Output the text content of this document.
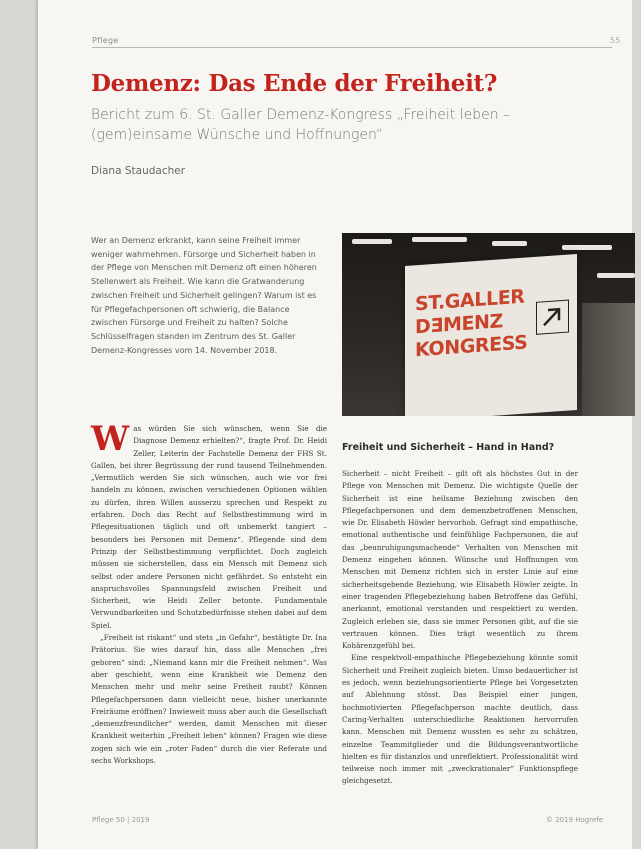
Pflege	55
Pflege 50 | 2019	© 2019 Hogrefe
Demenz: Das Ende der Freiheit?
Bericht zum 6. St. Galler Demenz-Kongress „Freiheit leben – (gem)einsame Wünsche und Hoffnungen“
Diana Staudacher
Wer an Demenz erkrankt, kann seine Freiheit immer weniger wahrnehmen. Fürsorge und Sicherheit haben in der Pflege von Menschen mit Demenz oft einen höheren Stellenwert als Freiheit. Wie kann die Gratwanderung zwischen Freiheit und Sicherheit gelingen? Warum ist es für Pflegefachpersonen oft schwierig, die Balance zwischen Fürsorge und Freiheit zu halten? Solche Schlüsselfragen standen im Zentrum des St. Galler Demenz-Kongresses vom 14. November 2018.
ST.GALLER
DƎMENZ
KONGRESS
Freiheit und Sicherheit – Hand in Hand?

Was würden Sie sich wünschen, wenn Sie die Diagnose Demenz erhielten?“, fragte Prof. Dr. Heidi Zeller, Leiterin der Fachstelle Demenz der FHS St. Gallen, bei ihrer Begrüssung der rund tausend Teilnehmenden. „Vermutlich werden Sie sich wünschen, auch wie vor frei handeln zu können, zwischen verschiedenen Optionen wählen zu dürfen, ihren Willen ausserzu sprechen und Respekt zu erfahren. Doch das Recht auf Selbstbestimmung wird in Pflegesituationen täglich und oft unbemerkt tangiert – besonders bei Personen mit Demenz“. Pflegende sind dem Prinzip der Selbstbestimmung verpflichtet. Doch zugleich müssen sie sicherstellen, dass ein Mensch mit Demenz sich selbst oder andere Personen nicht gefährdet. So entsteht ein anspruchsvolles Spannungsfeld zwischen Freiheit und Sicherheit, wie Heidi Zeller betonte. Fundamentale Verwundbarkeiten und Schutzbedürfnisse stehen dabei auf dem Spiel.

„Freiheit ist riskant“ und stets „in Gefahr“, bestätigte Dr. Ina Prätorius. Sie wies darauf hin, dass alle Menschen „frei geboren“ sind: „Niemand kann mir die Freiheit nehmen“. Was aber geschieht, wenn eine Krankheit wie Demenz den Menschen mehr und mehr seine Freiheit raubt? Können Pflegefachpersonen dann vielleicht neue, bisher unerkannte Freiräume eröffnen? Inwieweit muss aber auch die Gesellschaft „demenzfreundlicher“ werden, damit Menschen mit dieser Krankheit weiterhin „Freiheit leben“ können? Fragen wie diese zogen sich wie ein „roter Faden“ durch die vier Referate und sechs Workshops.

Sicherheit – nicht Freiheit – gilt oft als höchstes Gut in der Pflege von Menschen mit Demenz. Die wichtigste Quelle der Sicherheit ist eine heilsame Beziehung zwischen den Pflegefachpersonen und dem demenzbetroffenen Menschen, wie Dr. Elisabeth Höwler hervorhob. Gefragt sind empathische, emotional authentische und feinfühlige Fachpersonen, die auf das „beunruhigungsmachende“ Verhalten von Menschen mit Demenz eingehen können. Wünsche und Hoffnungen von Menschen mit Demenz richten sich in erster Linie auf eine sicherheitsgebende Beziehung, wie Elisabeth Höwler zeigte. In einer tragenden Pflegebeziehung haben Betroffene das Gefühl, anerkannt, emotional verstanden und respektiert zu werden. Zugleich erleben sie, dass sie immer Personen gibt, auf die sie vertrauen können. Dies trägt wesentlich zu ihrem Kohärenzgefühl bei.

Eine respektvoll-empathische Pflegebeziehung könnte somit Sicherheit und Freiheit zugleich bieten. Umso bedauerlicher ist es jedoch, wenn beziehungsorientierte Pflege bei Vorgesetzten auf Ablehnung stösst. Das Beispiel einer jungen, hochmotivierten Pflegefachperson machte deutlich, dass Caring-Verhalten unterschiedliche Reaktionen hervorrufen kann. Menschen mit Demenz wussten es sehr zu schätzen, einzelne Teammitglieder und die Bildungsverantwortliche hielten es für distanzlos und unreflektiert. Professionalität wird teilweise noch immer mit „zweckrationaler“ Funktionspflege gleichgesetzt.
